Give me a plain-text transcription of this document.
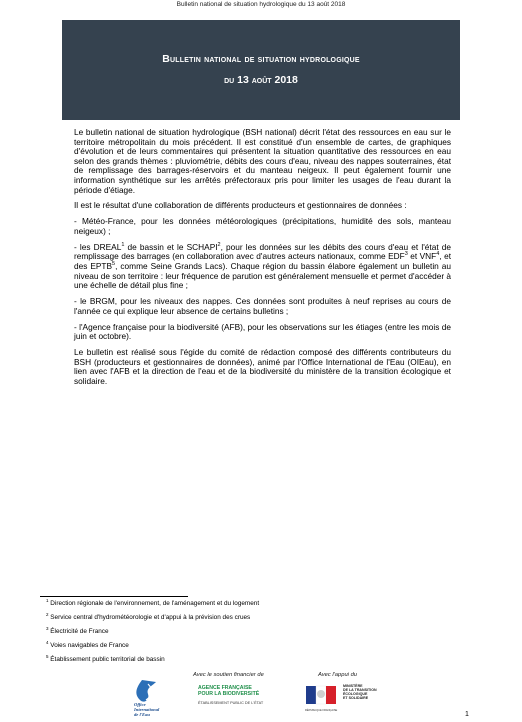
Bulletin national de situation hydrologique du 13 août 2018
Bulletin national de situation hydrologique
du 13 août 2018

Le bulletin national de situation hydrologique (BSH national) décrit l'état des ressources en eau sur le territoire métropolitain du mois précédent. Il est constitué d'un ensemble de cartes, de graphiques d'évolution et de leurs commentaires qui présentent la situation quantitative des ressources en eau selon des grands thèmes : pluviométrie, débits des cours d'eau, niveau des nappes souterraines, état de remplissage des barrages-réservoirs et du manteau neigeux. Il peut également fournir une information synthétique sur les arrêtés préfectoraux pris pour limiter les usages de l'eau durant la période d'étiage.

Il est le résultat d'une collaboration de différents producteurs et gestionnaires de données :

- Météo-France, pour les données météorologiques (précipitations, humidité des sols, manteau neigeux) ;

- les DREAL$^1$ de bassin et le SCHAPI$^2$, pour les données sur les débits des cours d'eau et l'état de remplissage des barrages (en collaboration avec d'autres acteurs nationaux, comme EDF$^3$ et VNF$^4$, et des EPTB$^5$, comme Seine Grands Lacs). Chaque région du bassin élabore également un bulletin au niveau de son territoire : leur fréquence de parution est généralement mensuelle et permet d'accéder à une échelle de détail plus fine ;

- le BRGM, pour les niveaux des nappes. Ces données sont produites à neuf reprises au cours de l'année ce qui explique leur absence de certains bulletins ;

- l'Agence française pour la biodiversité (AFB), pour les observations sur les étiages (entre les mois de juin et octobre).

Le bulletin est réalisé sous l'égide du comité de rédaction composé des différents contributeurs du BSH (producteurs et gestionnaires de données), animé par l'Office International de l'Eau (OIEau), en lien avec l'AFB et la direction de l'eau et de la biodiversité du ministère de la transition écologique et solidaire.

$^1$ Direction régionale de l'environnement, de l'aménagement et du logement
$^2$ Service central d'hydrométéorologie et d'appui à la prévision des crues
$^3$ Électricité de France
$^4$ Voies navigables de France
$^5$ Établissement public territorial de bassin
Avec le soutien financier de	Avec l'appui du
Office
International
de l'Eau
AGENCE FRANÇAISE
POUR LA BIODIVERSITÉ
ÉTABLISSEMENT PUBLIC DE L'ÉTAT
RÉPUBLIQUE FRANÇAISE
MINISTÈRE
DE LA TRANSITION
ÉCOLOGIQUE
ET SOLIDAIRE
1
